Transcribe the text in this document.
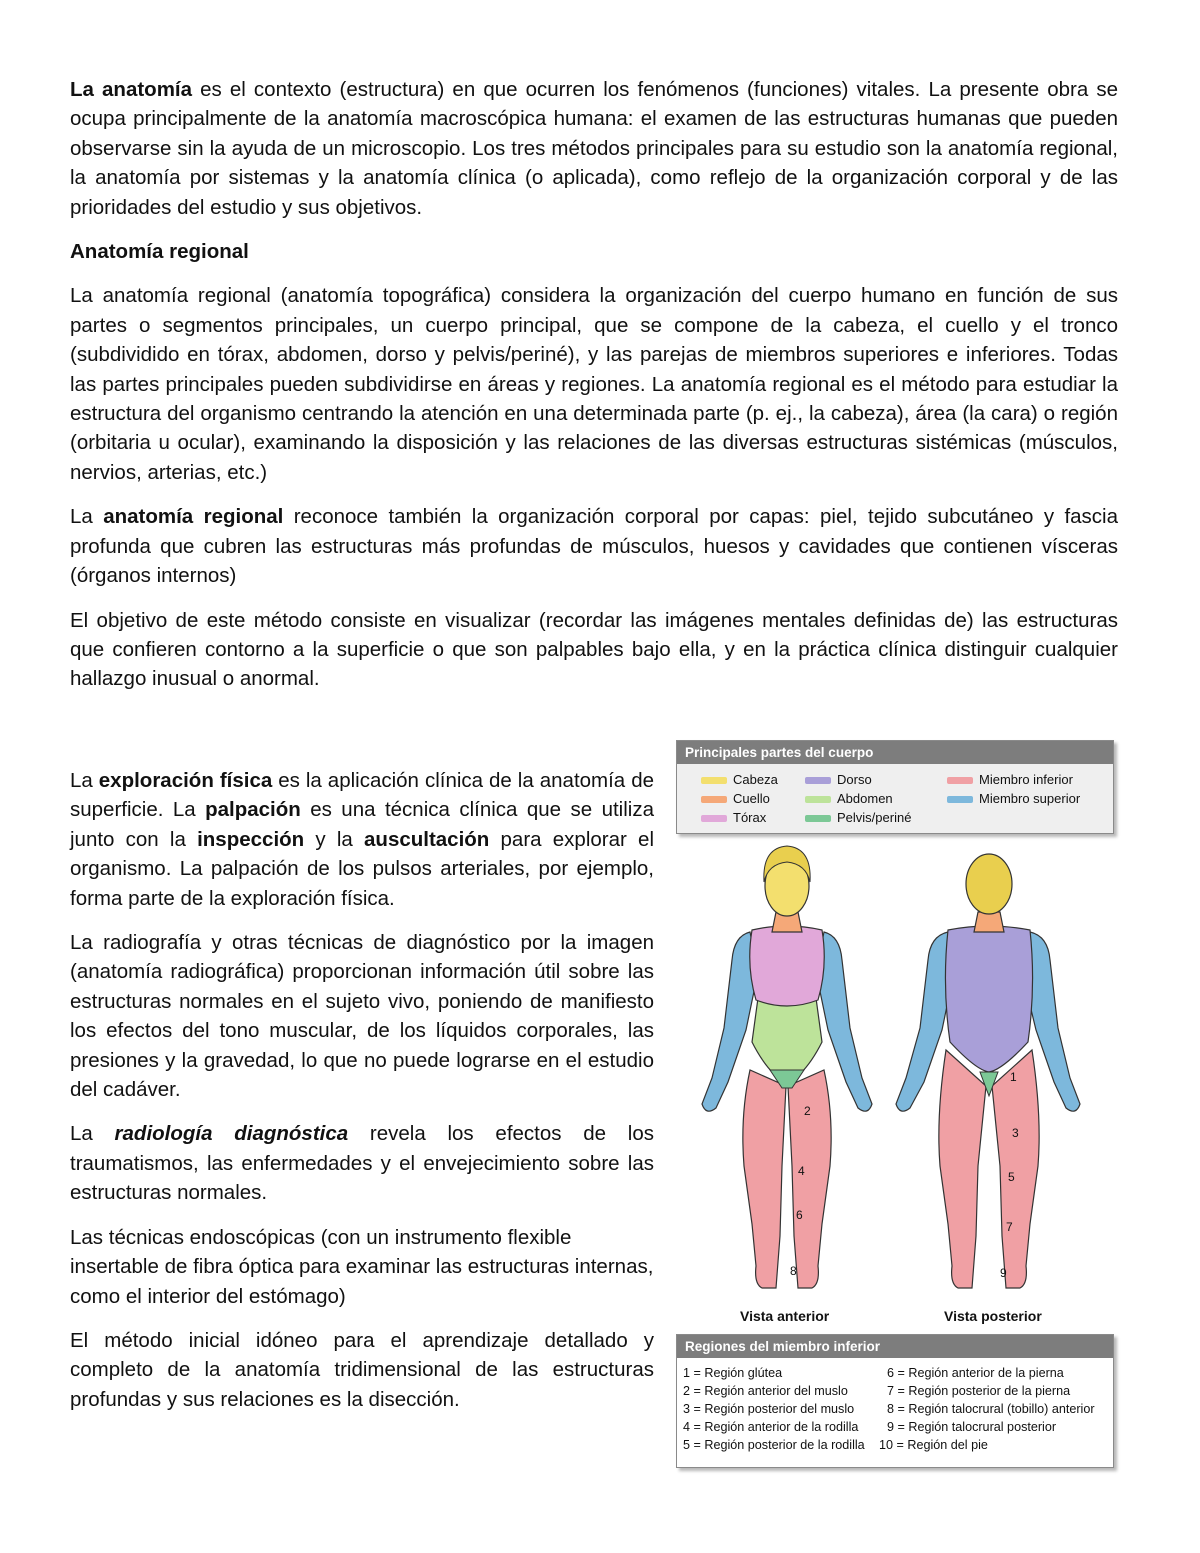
La anatomía es el contexto (estructura) en que ocurren los fenómenos (funciones) vitales. La presente obra se ocupa principalmente de la anatomía macroscópica humana: el examen de las estructuras humanas que pueden observarse sin la ayuda de un microscopio. Los tres métodos principales para su estudio son la anatomía regional, la anatomía por sistemas y la anatomía clínica (o aplicada), como reflejo de la organización corporal y de las prioridades del estudio y sus objetivos.

Anatomía regional

La anatomía regional (anatomía topográfica) considera la organización del cuerpo humano en función de sus partes o segmentos principales, un cuerpo principal, que se compone de la cabeza, el cuello y el tronco (subdividido en tórax, abdomen, dorso y pelvis/periné), y las parejas de miembros superiores e inferiores. Todas las partes principales pueden subdividirse en áreas y regiones. La anatomía regional es el método para estudiar la estructura del organismo centrando la atención en una determinada parte (p. ej., la cabeza), área (la cara) o región (orbitaria u ocular), examinando la disposición y las relaciones de las diversas estructuras sistémicas (músculos, nervios, arterias, etc.)

La anatomía regional reconoce también la organización corporal por capas: piel, tejido subcutáneo y fascia profunda que cubren las estructuras más profundas de músculos, huesos y cavidades que contienen vísceras (órganos internos)

El objetivo de este método consiste en visualizar (recordar las imágenes mentales definidas de) las estructuras que confieren contorno a la superficie o que son palpables bajo ella, y en la práctica clínica distinguir cualquier hallazgo inusual o anormal.

La exploración física es la aplicación clínica de la anatomía de superficie. La palpación es una técnica clínica que se utiliza junto con la inspección y la auscultación para explorar el organismo. La palpación de los pulsos arteriales, por ejemplo, forma parte de la exploración física.

La radiografía y otras técnicas de diagnóstico por la imagen (anatomía radiográfica) proporcionan información útil sobre las estructuras normales en el sujeto vivo, poniendo de manifiesto los efectos del tono muscular, de los líquidos corporales, las presiones y la gravedad, lo que no puede lograrse en el estudio del cadáver.

La radiología diagnóstica revela los efectos de los traumatismos, las enfermedades y el envejecimiento sobre las estructuras normales.

Las técnicas endoscópicas (con un instrumento flexible insertable de fibra óptica para examinar las estructuras internas, como el interior del estómago)

El método inicial idóneo para el aprendizaje detallado y completo de la anatomía tridimensional de las estructuras profundas y sus relaciones es la disección.

Principales partes del cuerpo
Cabeza	Dorso	Miembro inferior
Cuello	Abdomen	Miembro superior
Tórax	Pelvis/periné
Vista anterior	Vista posterior
2
4
6
8
1
3
5
7
9
Regiones del miembro inferior
1 = Región glútea
2 = Región anterior del muslo
3 = Región posterior del muslo
4 = Región anterior de la rodilla
5 = Región posterior de la rodilla
6 = Región anterior de la pierna
7 = Región posterior de la pierna
8 = Región talocrural (tobillo) anterior
9 = Región talocrural posterior
10 = Región del pie
